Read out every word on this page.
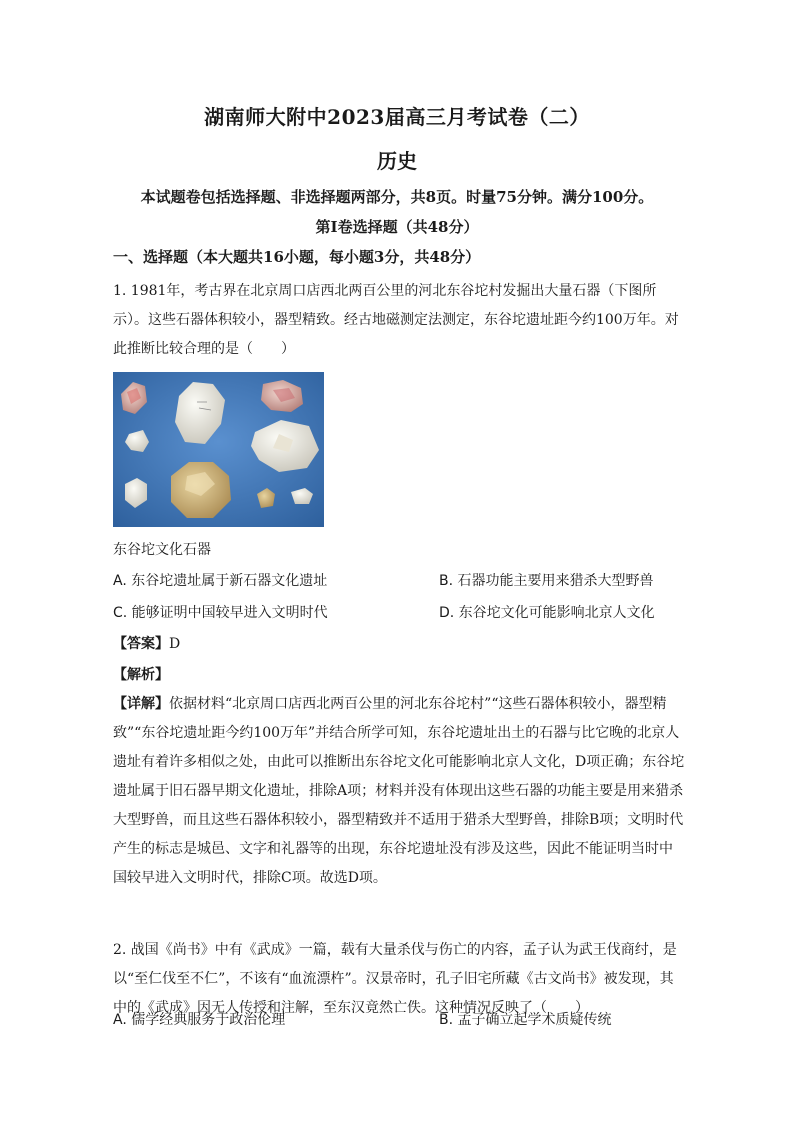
湖南师大附中2023届高三月考试卷（二）
历史
本试题卷包括选择题、非选择题两部分，共8页。时量75分钟。满分100分。
第I卷选择题（共48分）
一、选择题（本大题共16小题，每小题3分，共48分）

1. 1981年，考古界在北京周口店西北两百公里的河北东谷坨村发掘出大量石器（下图所示）。这些石器体积较小，器型精致。经古地磁测定法测定，东谷坨遗址距今约100万年。对此推断比较合理的是（　　）

东谷坨文化石器
A. 东谷坨遗址属于新石器文化遗址	B. 石器功能主要用来猎杀大型野兽
C. 能够证明中国较早进入文明时代	D. 东谷坨文化可能影响北京人文化
【答案】D
【解析】

【详解】依据材料“北京周口店西北两百公里的河北东谷坨村”“这些石器体积较小，器型精致”“东谷坨遗址距今约100万年”并结合所学可知，东谷坨遗址出土的石器与比它晚的北京人遗址有着许多相似之处，由此可以推断出东谷坨文化可能影响北京人文化，D项正确；东谷坨遗址属于旧石器早期文化遗址，排除A项；材料并没有体现出这些石器的功能主要是用来猎杀大型野兽，而且这些石器体积较小，器型精致并不适用于猎杀大型野兽，排除B项；文明时代产生的标志是城邑、文字和礼器等的出现，东谷坨遗址没有涉及这些，因此不能证明当时中国较早进入文明时代，排除C项。故选D项。

2. 战国《尚书》中有《武成》一篇，载有大量杀伐与伤亡的内容，孟子认为武王伐商纣，是以“至仁伐至不仁”，不该有“血流漂杵”。汉景帝时，孔子旧宅所藏《古文尚书》被发现，其中的《武成》因无人传授和注解，至东汉竟然亡佚。这种情况反映了（　　）

A. 儒学经典服务于政治伦理	B. 孟子确立起学术质疑传统
